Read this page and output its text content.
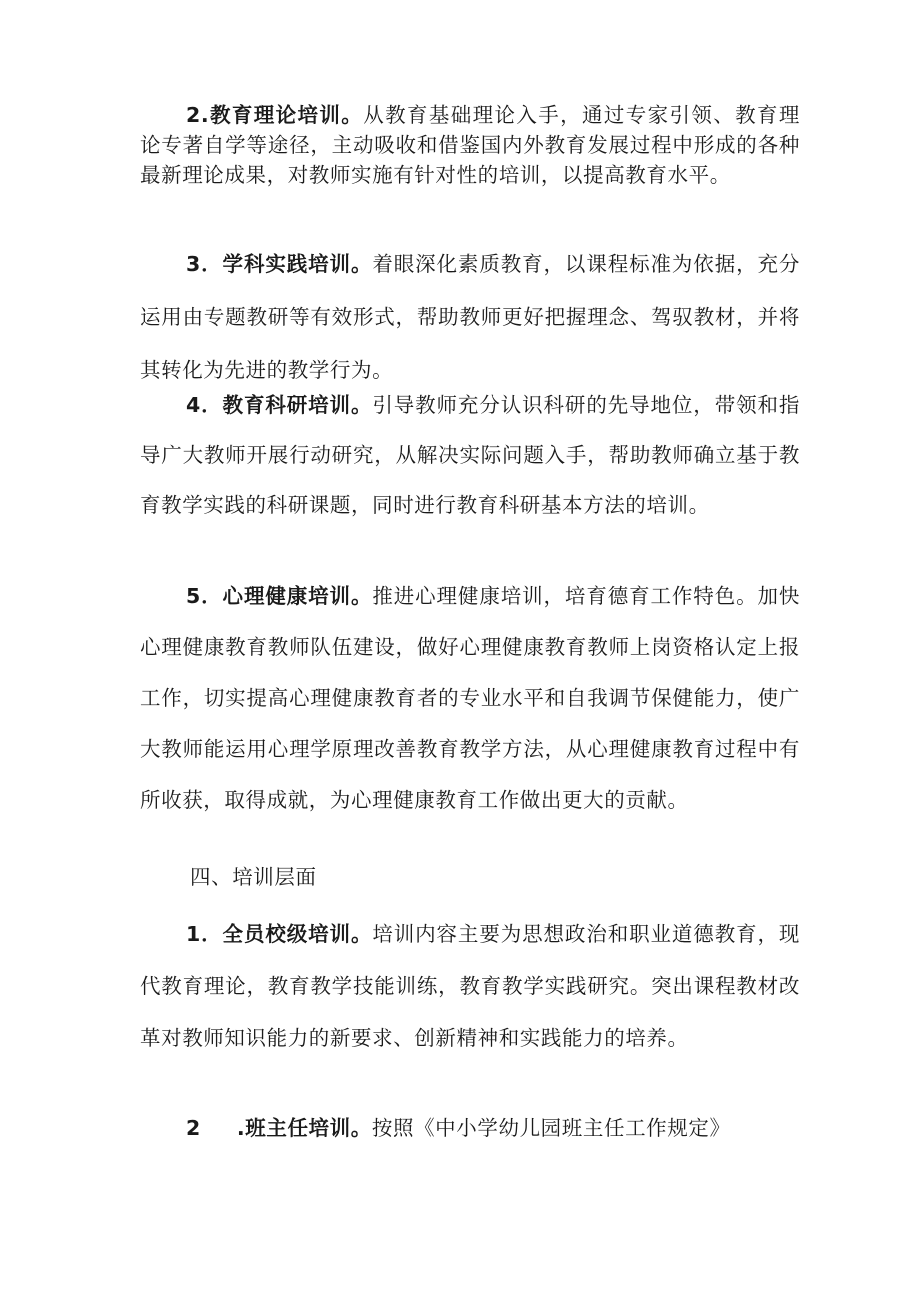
2.教育理论培训。从教育基础理论入手，通过专家引领、教育理论专著自学等途径，主动吸收和借鉴国内外教育发展过程中形成的各种最新理论成果，对教师实施有针对性的培训，以提高教育水平。

3．学科实践培训。着眼深化素质教育，以课程标准为依据，充分运用由专题教研等有效形式，帮助教师更好把握理念、驾驭教材，并将其转化为先进的教学行为。

4．教育科研培训。引导教师充分认识科研的先导地位，带领和指导广大教师开展行动研究，从解决实际问题入手，帮助教师确立基于教育教学实践的科研课题，同时进行教育科研基本方法的培训。

5．心理健康培训。推进心理健康培训，培育德育工作特色。加快心理健康教育教师队伍建设，做好心理健康教育教师上岗资格认定上报工作，切实提高心理健康教育者的专业水平和自我调节保健能力，使广大教师能运用心理学原理改善教育教学方法，从心理健康教育过程中有所收获，取得成就，为心理健康教育工作做出更大的贡献。

四、培训层面

1．全员校级培训。培训内容主要为思想政治和职业道德教育，现代教育理论，教育教学技能训练，教育教学实践研究。突出课程教材改革对教师知识能力的新要求、创新精神和实践能力的培养。

2 .班主任培训。按照《中小学幼儿园班主任工作规定》
